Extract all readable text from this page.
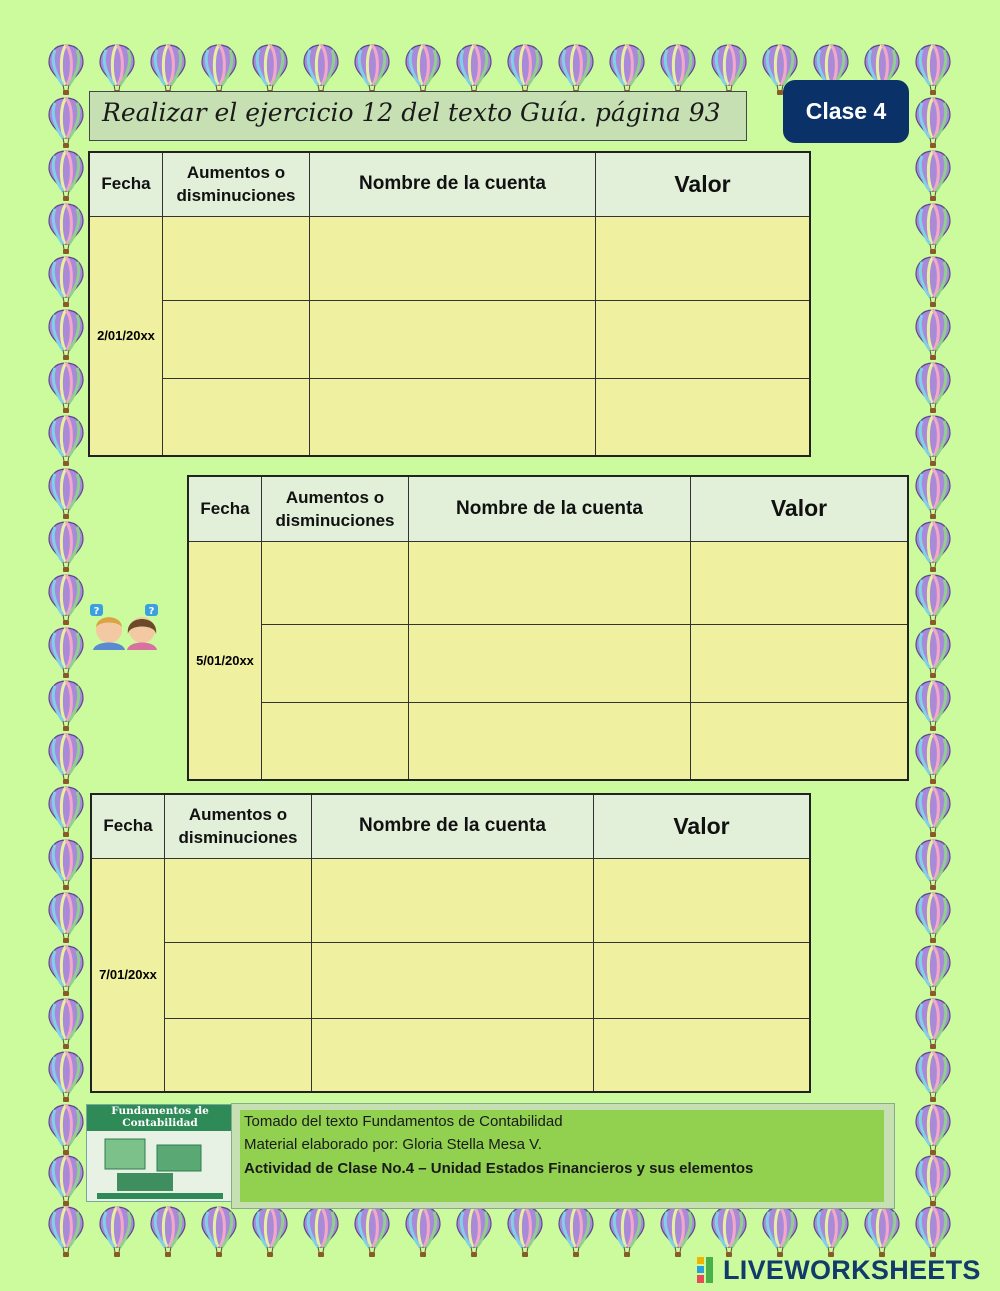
Realizar el ejercicio 12 del texto Guía. página 93	Clase 4
Fecha	Aumentos o disminuciones	Nombre de la cuenta	Valor
2/01/20xx			

Fecha	Aumentos o disminuciones	Nombre de la cuenta	Valor
5/01/20xx			

Fecha	Aumentos o disminuciones	Nombre de la cuenta	Valor
7/01/20xx			

?	?
Fundamentos de Contabilidad	Tomado del texto Fundamentos de Contabilidad
Material elaborado por: Gloria Stella Mesa V.
Actividad de Clase No.4 – Unidad Estados Financieros y sus elementos
LIVEWORKSHEETS
